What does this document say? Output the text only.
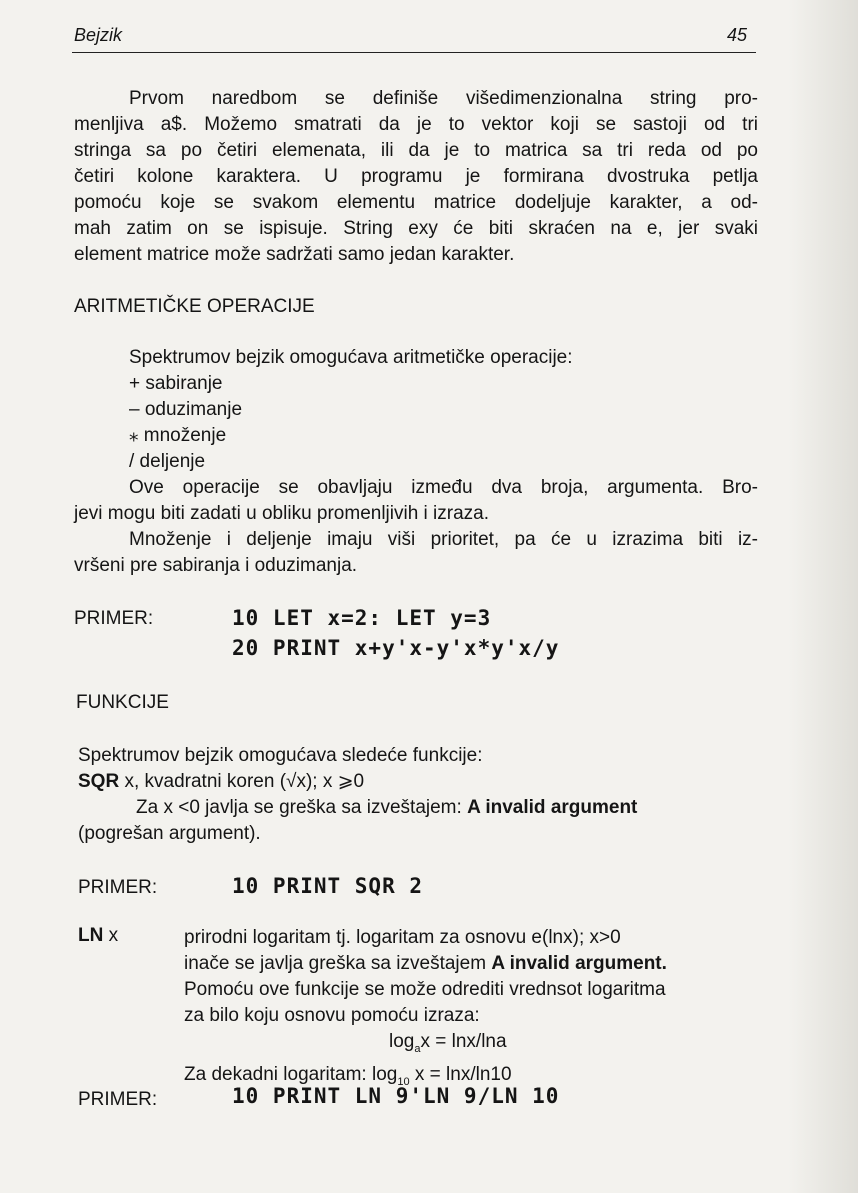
Bejzik	45

Prvom naredbom se definiše višedimenzionalna string pro-

menljiva a$. Možemo smatrati da je to vektor koji se sastoji od tri

stringa sa po četiri elemenata, ili da je to matrica sa tri reda od po

četiri kolone karaktera. U programu je formirana dvostruka petlja

pomoću koje se svakom elementu matrice dodeljuje karakter, a od-

mah zatim on se ispisuje. String exy će biti skraćen na e, jer svaki

element matrice može sadržati samo jedan karakter.

ARITMETIČKE OPERACIJE

Spektrumov bejzik omogućava aritmetičke operacije:

+ sabiranje

– oduzimanje

⁎ množenje

/ deljenje

Ove operacije se obavljaju između dva broja, argumenta. Bro-

jevi mogu biti zadati u obliku promenljivih i izraza.

Množenje i deljenje imaju viši prioritet, pa će u izrazima biti iz-

vršeni pre sabiranja i oduzimanja.

PRIMER:	10 LET x=2: LET y=3
20 PRINT x+y'x-y'x*y'x/y
FUNKCIJE

Spektrumov bejzik omogućava sledeće funkcije:

SQR x, kvadratni koren (√x); x ⩾0

Za x <0 javlja se greška sa izveštajem: A invalid argument

(pogrešan argument).

PRIMER:	10 PRINT SQR 2
LN x	prirodni logaritam tj. logaritam za osnovu e(lnx); x>0

inače se javlja greška sa izveštajem A invalid argument.

Pomoću ove funkcije se može odrediti vrednsot logaritma

za bilo koju osnovu pomoću izraza:

$\log_ax = \ln x/\ln a$

Za dekadni logaritam: $\log_{10} x = \ln x/\ln 10$

PRIMER:	10 PRINT LN 9'LN 9/LN 10
